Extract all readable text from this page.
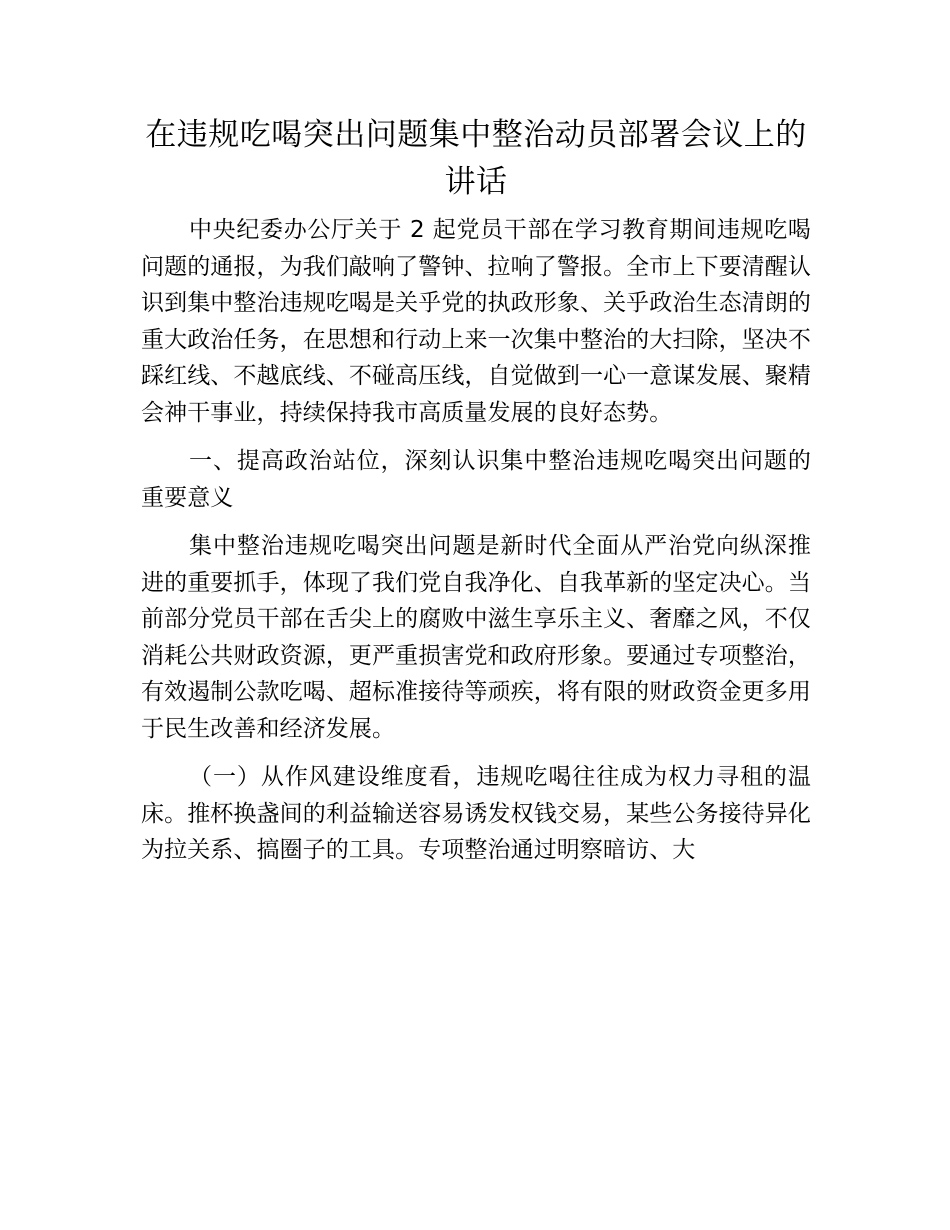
在违规吃喝突出问题集中整治动员部署会议上的讲话

中央纪委办公厅关于 2 起党员干部在学习教育期间违规吃喝问题的通报，为我们敲响了警钟、拉响了警报。全市上下要清醒认识到集中整治违规吃喝是关乎党的执政形象、关乎政治生态清朗的重大政治任务，在思想和行动上来一次集中整治的大扫除，坚决不踩红线、不越底线、不碰高压线，自觉做到一心一意谋发展、聚精会神干事业，持续保持我市高质量发展的良好态势。

一、提高政治站位，深刻认识集中整治违规吃喝突出问题的重要意义

集中整治违规吃喝突出问题是新时代全面从严治党向纵深推进的重要抓手，体现了我们党自我净化、自我革新的坚定决心。当前部分党员干部在舌尖上的腐败中滋生享乐主义、奢靡之风，不仅消耗公共财政资源，更严重损害党和政府形象。要通过专项整治，有效遏制公款吃喝、超标准接待等顽疾，将有限的财政资金更多用于民生改善和经济发展。

（一）从作风建设维度看，违规吃喝往往成为权力寻租的温床。推杯换盏间的利益输送容易诱发权钱交易，某些公务接待异化为拉关系、搞圈子的工具。专项整治通过明察暗访、大
